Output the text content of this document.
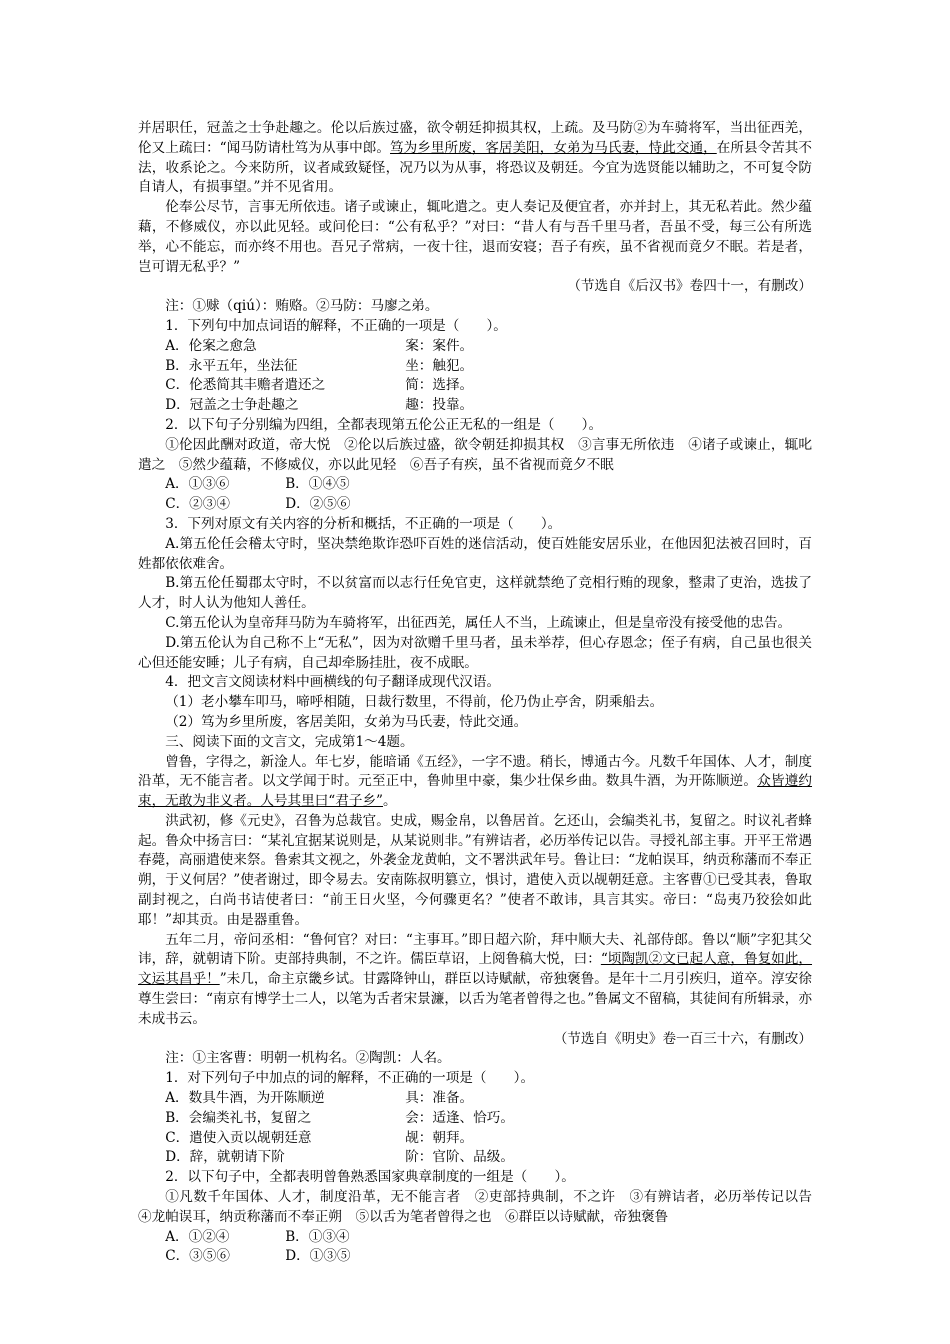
并居职任，冠盖之士争赴趣之。伦以后族过盛，欲令朝廷抑损其权，上疏。及马防②为车骑将军，当出征西羌，伦又上疏曰：“闻马防请杜笃为从事中郎。笃为乡里所废，客居美阳，女弟为马氏妻，恃此交通，在所县令苦其不法，收系论之。今来防所，议者咸致疑怪，况乃以为从事，将恐议及朝廷。今宜为选贤能以辅助之，不可复令防自请人，有损事望。”并不见省用。

伦奉公尽节，言事无所依违。诸子或谏止，辄叱遣之。吏人奏记及便宜者，亦并封上，其无私若此。然少蕴藉，不修威仪，亦以此见轻。或问伦曰：“公有私乎？”对曰：“昔人有与吾千里马者，吾虽不受，每三公有所选举，心不能忘，而亦终不用也。吾兄子常病，一夜十往，退而安寝；吾子有疾，虽不省视而竟夕不眠。若是者，岂可谓无私乎？”

（节选自《后汉书》卷四十一，有删改）

注：①赇（qiú）：贿赂。②马防：马廖之弟。

1．下列句中加点词语的解释，不正确的一项是（　　）。

A．伦案之愈急	案：案件。
B．永平五年，坐法征	坐：触犯。
C．伦悉简其丰赡者遣还之	简：选择。
D．冠盖之士争赴趣之	趣：投靠。

2．以下句子分别编为四组，全都表现第五伦公正无私的一组是（　　）。

①伦因此酬对政道，帝大悦　②伦以后族过盛，欲令朝廷抑损其权　③言事无所依违　④诸子或谏止，辄叱遣之　⑤然少蕴藉，不修威仪，亦以此见轻　⑥吾子有疾，虽不省视而竟夕不眠

A．①③⑥	B．①④⑤
C．②③④	D．②⑤⑥

3．下列对原文有关内容的分析和概括，不正确的一项是（　　）。

A.第五伦任会稽太守时，坚决禁绝欺诈恐吓百姓的迷信活动，使百姓能安居乐业，在他因犯法被召回时，百姓都依依难舍。

B.第五伦任蜀郡太守时，不以贫富而以志行任免官吏，这样就禁绝了竞相行贿的现象，整肃了吏治，选拔了人才，时人认为他知人善任。

C.第五伦认为皇帝拜马防为车骑将军，出征西羌，属任人不当，上疏谏止，但是皇帝没有接受他的忠告。

D.第五伦认为自己称不上“无私”，因为对欲赠千里马者，虽未举荐，但心存恩念；侄子有病，自己虽也很关心但还能安睡；儿子有病，自己却牵肠挂肚，夜不成眠。

4．把文言文阅读材料中画横线的句子翻译成现代汉语。

（1）老小攀车叩马，啼呼相随，日裁行数里，不得前，伦乃伪止亭舍，阴乘船去。

（2）笃为乡里所废，客居美阳，女弟为马氏妻，恃此交通。

三、阅读下面的文言文，完成第1～4题。

曾鲁，字得之，新淦人。年七岁，能暗诵《五经》，一字不遗。稍长，博通古今。凡数千年国体、人才，制度沿革，无不能言者。以文学闻于时。元至正中，鲁帅里中豪，集少壮保乡曲。数具牛酒，为开陈顺逆。众皆遵约束，无敢为非义者。人号其里曰“君子乡”。

洪武初，修《元史》，召鲁为总裁官。史成，赐金帛，以鲁居首。乞还山，会编类礼书，复留之。时议礼者蜂起。鲁众中扬言曰：“某礼宜据某说则是，从某说则非。”有辨诘者，必历举传记以告。寻授礼部主事。开平王常遇春薨，高丽遣使来祭。鲁索其文视之，外袭金龙黄帕，文不署洪武年号。鲁让曰：“龙帕误耳，纳贡称藩而不奉正朔，于义何居？”使者谢过，即令易去。安南陈叔明篡立，惧讨，遣使入贡以觇朝廷意。主客曹①已受其表，鲁取副封视之，白尚书诘使者曰：“前王日火坚，今何骤更名？”使者不敢讳，具言其实。帝曰：“岛夷乃狡狯如此耶！”却其贡。由是器重鲁。

五年二月，帝问丞相：“鲁何官？对曰：“主事耳。”即日超六阶，拜中顺大夫、礼部侍郎。鲁以“顺”字犯其父讳，辞，就朝请下阶。吏部持典制，不之许。儒臣草诏，上阅鲁稿大悦，曰：“顷陶凯②文已起人意，鲁复如此，文运其昌乎！”未几，命主京畿乡试。甘露降钟山，群臣以诗赋献，帝独褒鲁。是年十二月引疾归，道卒。淳安徐尊生尝曰：“南京有博学士二人，以笔为舌者宋景濂，以舌为笔者曾得之也。”鲁属文不留稿，其徒间有所辑录，亦未成书云。

（节选自《明史》卷一百三十六，有删改）

注：①主客曹：明朝一机构名。②陶凯：人名。

1．对下列句子中加点的词的解释，不正确的一项是（　　）。

A．数具牛酒，为开陈顺逆	具：准备。
B．会编类礼书，复留之	会：适逢、恰巧。
C．遣使入贡以觇朝廷意	觇：朝拜。
D．辞，就朝请下阶	阶：官阶、品级。

2．以下句子中，全都表明曾鲁熟悉国家典章制度的一组是（　　）。

①凡数千年国体、人才，制度沿革，无不能言者　②吏部持典制，不之许　③有辨诘者，必历举传记以告　④龙帕误耳，纳贡称藩而不奉正朔　⑤以舌为笔者曾得之也　⑥群臣以诗赋献，帝独褒鲁

A．①②④	B．①③④
C．③⑤⑥	D．①③⑤
